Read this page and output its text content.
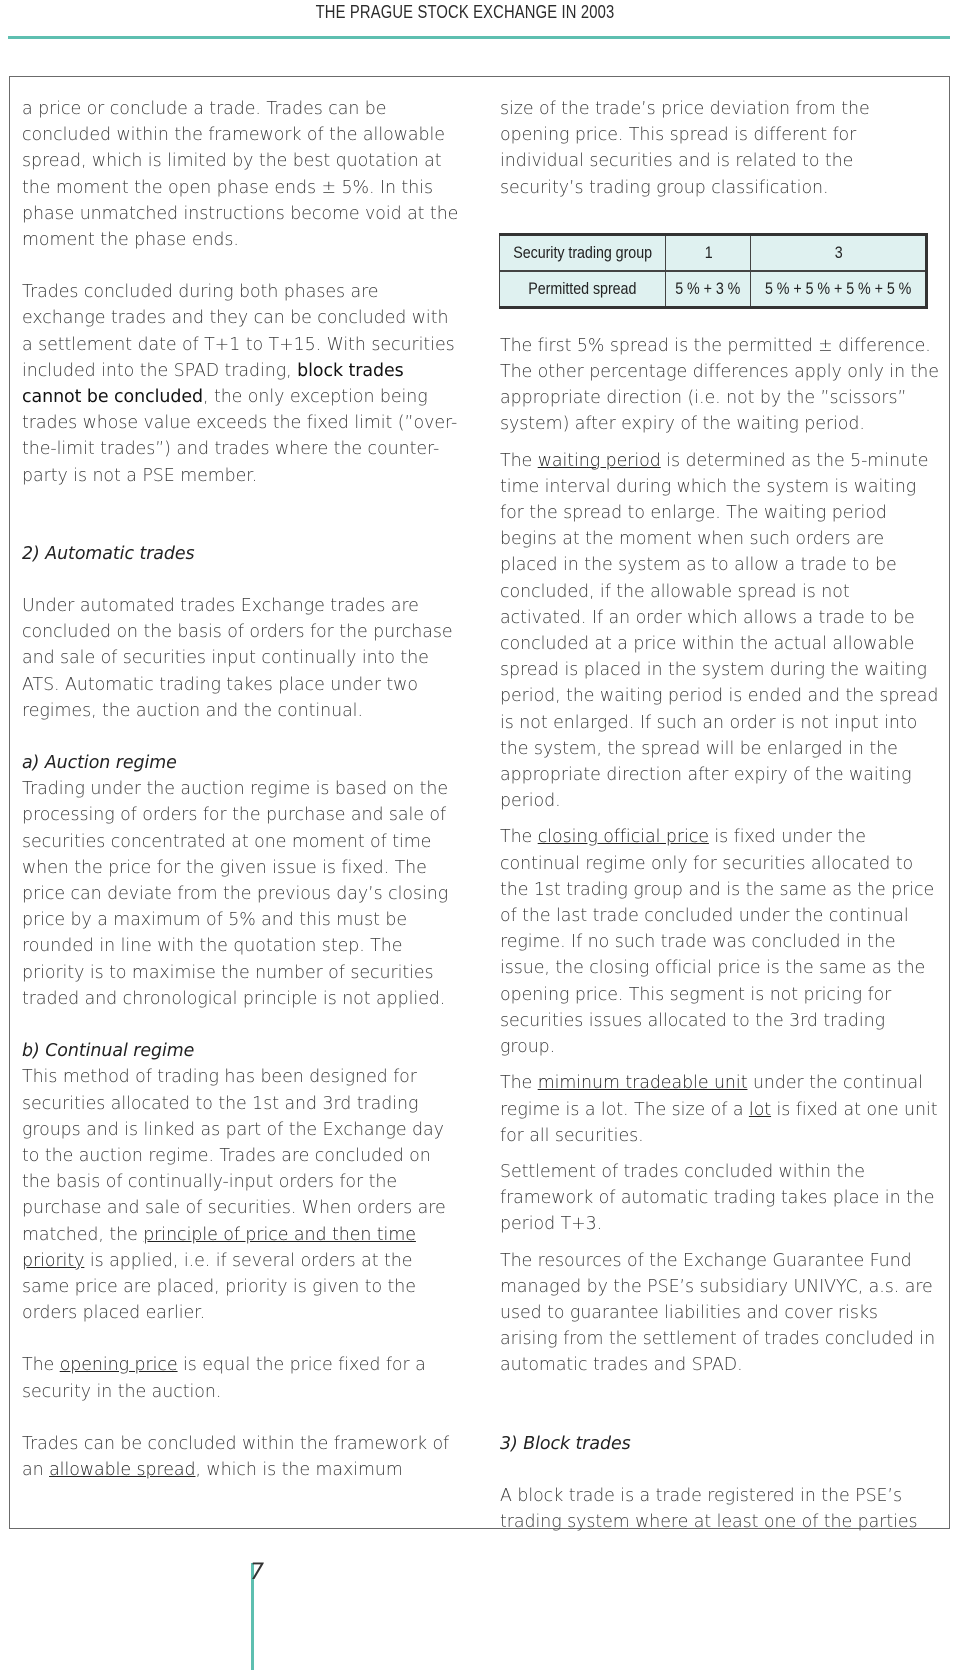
THE PRAGUE STOCK EXCHANGE IN 2003

a price or conclude a trade. Trades can be concluded within the framework of the allowable spread, which is limited by the best quotation at the moment the open phase ends ± 5%. In this phase unmatched instructions become void at the moment the phase ends.

Trades concluded during both phases are exchange trades and they can be concluded with a settlement date of T+1 to T+15. With securities included into the SPAD trading, block trades cannot be concluded, the only exception being trades whose value exceeds the fixed limit (”over-the-limit trades”) and trades where the counter-party is not a PSE member.

2) Automatic trades

Under automated trades Exchange trades are concluded on the basis of orders for the purchase and sale of securities input continually into the ATS. Automatic trading takes place under two regimes, the auction and the continual.

a) Auction regime

Trading under the auction regime is based on the processing of orders for the purchase and sale of securities concentrated at one moment of time when the price for the given issue is fixed. The price can deviate from the previous day’s closing price by a maximum of 5% and this must be rounded in line with the quotation step. The priority is to maximise the number of securities traded and chronological principle is not applied.

b) Continual regime

This method of trading has been designed for securities allocated to the 1st and 3rd trading groups and is linked as part of the Exchange day to the auction regime. Trades are concluded on the basis of continually-input orders for the purchase and sale of securities. When orders are matched, the principle of price and then time priority is applied, i.e. if several orders at the same price are placed, priority is given to the orders placed earlier.

The opening price is equal the price fixed for a security in the auction.

Trades can be concluded within the framework of an allowable spread, which is the maximum

size of the trade’s price deviation from the opening price. This spread is different for individual securities and is related to the security’s trading group classification.

Security trading group	1	3
Permitted spread	5 % + 3 %	5 % + 5 % + 5 % + 5 %

The first 5% spread is the permitted ± difference. The other percentage differences apply only in the appropriate direction (i.e. not by the ”scissors” system) after expiry of the waiting period.

The waiting period is determined as the 5-minute time interval during which the system is waiting for the spread to enlarge. The waiting period begins at the moment when such orders are placed in the system as to allow a trade to be concluded, if the allowable spread is not activated. If an order which allows a trade to be concluded at a price within the actual allowable spread is placed in the system during the waiting period, the waiting period is ended and the spread is not enlarged. If such an order is not input into the system, the spread will be enlarged in the appropriate direction after expiry of the waiting period.

The closing official price is fixed under the continual regime only for securities allocated to the 1st trading group and is the same as the price of the last trade concluded under the continual regime. If no such trade was concluded in the issue, the closing official price is the same as the opening price. This segment is not pricing for securities issues allocated to the 3rd trading group.

The miminum tradeable unit under the continual regime is a lot. The size of a lot is fixed at one unit for all securities.

Settlement of trades concluded within the framework of automatic trading takes place in the period T+3.

The resources of the Exchange Guarantee Fund managed by the PSE’s subsidiary UNIVYC, a.s. are used to guarantee liabilities and cover risks arising from the settlement of trades concluded in automatic trades and SPAD.

3) Block trades

A block trade is a trade registered in the PSE’s trading system where at least one of the parties

7
